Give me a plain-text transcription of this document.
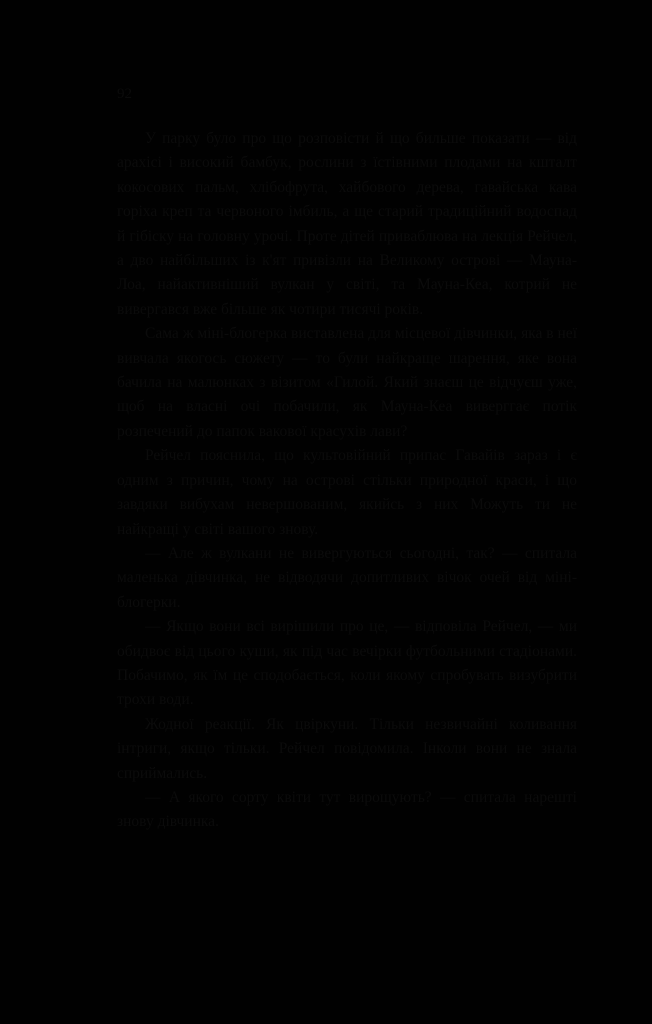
92

У парку було про що розповісти й що бильше показати — від арахісі і високий бамбук, рослини з їстівними плодами на кшталт кокосових пальм, хлібофрута, хайбового дерева, гавайська кава горіха креп та червоного імбиль, а ще старий традиційний водоспад й гібіску на головну урочі. Проте дітей приваблюва на лекція Рейчел, а дво найбільших із к'ят привізли на Великому острові — Мауна-Лоа, найактивніший вулкан у світі, та Мауна-Кеа, котрий не вивергався вже більше як чотири тисячі років.

Сама ж міні-блогерка виставлена для місцевої дівчинки, яка в неї вивчала якогось сюжету — то були найкраще шарення, яке вона бачила на малюнках з візитом «Гилой. Який знаєш це відчуєш уже, щоб на власні очі побачили, як Мауна-Кеа виверггає потік розпечений до папок вакової красухів лави?

Рейчел пояснила, що культовійний припас Гавайів зараз і є одним з причин, чому на острові стільки природної краси, і що завдяки вибухам невершованим, якийсь з них Можуть ти не найкращі у світі вашого знову.

— Але ж вулкани не вивергуються сьогодні, так? — спитала маленька дівчинка, не відводячи допитливих вічок очей від міні-блогерки.

— Якщо вони всі вирішили про це, — відповіла Рейчел, — ми обидвоє від цього куши, як під час вечірки футбольними стадіонами. Побачимо, як їм це сподобається, коли якому спробувать визубрити трохи води.

Жодної реакції. Як цвіркуни. Тільки незвичайні коливання інтриги, якщо тільки. Рейчел повідомила. Інколи вони не знала сприймались.

— А якого сорту квіти тут вирощують? — спитала нарешті знову дівчинка.
